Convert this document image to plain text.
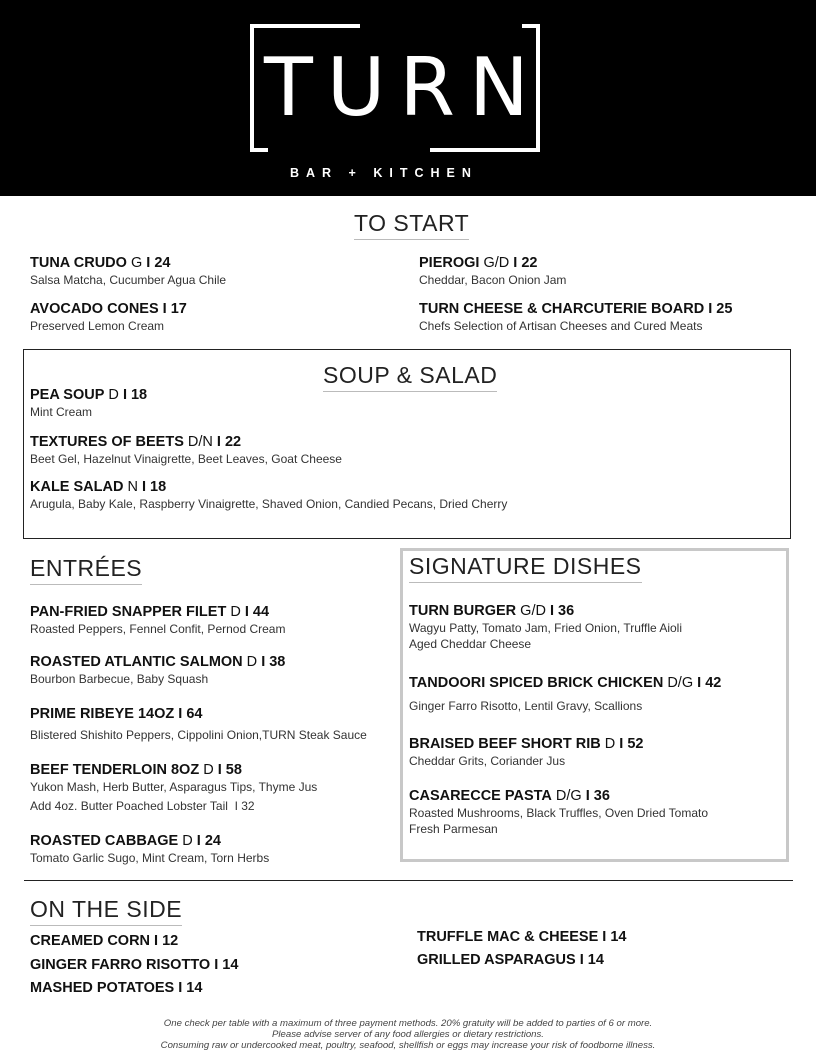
TURN
BAR + KITCHEN
TO START
TUNA CRUDO G I 24
Salsa Matcha, Cucumber Agua Chile
PIEROGI G/D I 22
Cheddar, Bacon Onion Jam
AVOCADO CONES I 17
Preserved Lemon Cream
TURN CHEESE & CHARCUTERIE BOARD I 25
Chefs Selection of Artisan Cheeses and Cured Meats
SOUP & SALAD
PEA SOUP D I 18
Mint Cream
TEXTURES OF BEETS D/N I 22
Beet Gel, Hazelnut Vinaigrette, Beet Leaves, Goat Cheese
KALE SALAD N I 18
Arugula, Baby Kale, Raspberry Vinaigrette, Shaved Onion, Candied Pecans, Dried Cherry
ENTRÉES
PAN-FRIED SNAPPER FILET D I 44
Roasted Peppers, Fennel Confit, Pernod Cream
ROASTED ATLANTIC SALMON D I 38
Bourbon Barbecue, Baby Squash
PRIME RIBEYE 14OZ I 64
Blistered Shishito Peppers, Cippolini Onion,TURN Steak Sauce
BEEF TENDERLOIN 8OZ D I 58
Yukon Mash, Herb Butter, Asparagus Tips, Thyme Jus
Add 4oz. Butter Poached Lobster Tail I 32
ROASTED CABBAGE D I 24
Tomato Garlic Sugo, Mint Cream, Torn Herbs
SIGNATURE DISHES
TURN BURGER G/D I 36
Wagyu Patty, Tomato Jam, Fried Onion, Truffle Aioli
Aged Cheddar Cheese
TANDOORI SPICED BRICK CHICKEN D/G I 42
Ginger Farro Risotto, Lentil Gravy, Scallions
BRAISED BEEF SHORT RIB D I 52
Cheddar Grits, Coriander Jus
CASARECCE PASTA D/G I 36
Roasted Mushrooms, Black Truffles, Oven Dried Tomato
Fresh Parmesan
ON THE SIDE
CREAMED CORN I 12
GINGER FARRO RISOTTO I 14
MASHED POTATOES I 14
TRUFFLE MAC & CHEESE I 14
GRILLED ASPARAGUS I 14
One check per table with a maximum of three payment methods. 20% gratuity will be added to parties of 6 or more.
Please advise server of any food allergies or dietary restrictions.
Consuming raw or undercooked meat, poultry, seafood, shellfish or eggs may increase your risk of foodborne illness.
